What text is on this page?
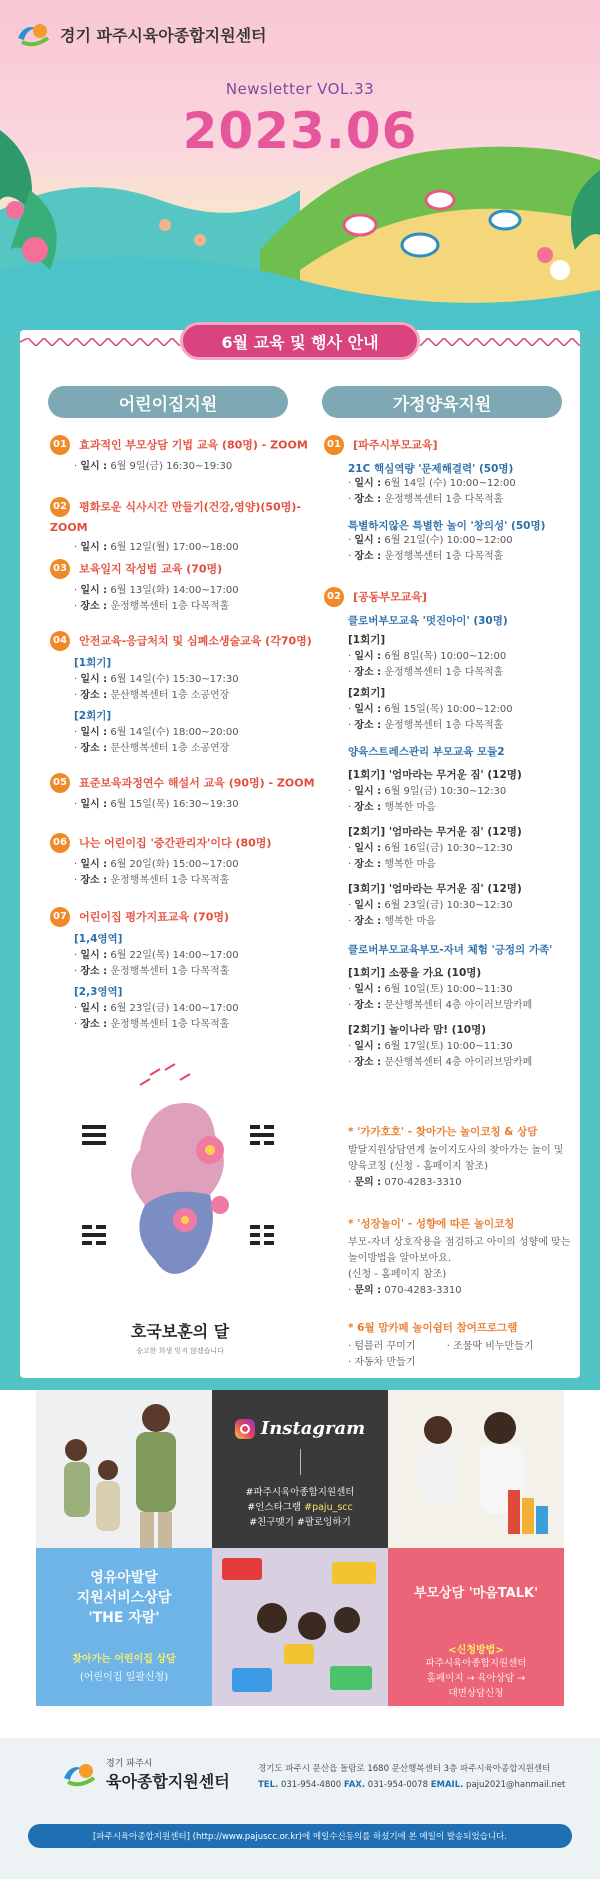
경기 파주시육아종합지원센터
Newsletter VOL.33
2023.06
6월 교육 및 행사 안내
어린이집지원	가정양육지원
01 효과적인 부모상담 기법 교육 (80명) - ZOOM
· 일시 : 6월 9일(금) 16:30~19:30
02 평화로운 식사시간 만들기(건강,영양)(50명)- ZOOM
· 일시 : 6월 12일(월) 17:00~18:00
03 보육일지 작성법 교육 (70명)
· 일시 : 6월 13일(화) 14:00~17:00
· 장소 : 운정행복센터 1층 다목적홀
04 안전교육-응급처치 및 심폐소생술교육 (각70명)
[1회기]
· 일시 : 6월 14일(수) 15:30~17:30
· 장소 : 문산행복센터 1층 소공연장
[2회기]
· 일시 : 6월 14일(수) 18:00~20:00
· 장소 : 문산행복센터 1층 소공연장
05 표준보육과정연수 해설서 교육 (90명) - ZOOM
· 일시 : 6월 15일(목) 16:30~19:30
06 나는 어린이집 '중간관리자'이다 (80명)
· 일시 : 6월 20일(화) 15:00~17:00
· 장소 : 운정행복센터 1층 다목적홀
07 어린이집 평가지표교육 (70명)
[1,4영역]
· 일시 : 6월 22일(목) 14:00~17:00
· 장소 : 운정행복센터 1층 다목적홀
[2,3영역]
· 일시 : 6월 23일(금) 14:00~17:00
· 장소 : 운정행복센터 1층 다목적홀
호국보훈의 달
숭고한 희생 잊지 않겠습니다
01 [파주시부모교육]
21C 핵심역량 '문제해결력' (50명)
· 일시 : 6월 14일 (수) 10:00~12:00
· 장소 : 운정행복센터 1층 다목적홀
특별하지않은 특별한 놀이 '창의성' (50명)
· 일시 : 6월 21일(수) 10:00~12:00
· 장소 : 운정행복센터 1층 다목적홀
02 [공동부모교육]
클로버부모교육 '멋진아이' (30명)
[1회기]
· 일시 : 6월 8일(목) 10:00~12:00
· 장소 : 운정행복센터 1층 다목적홀
[2회기]
· 일시 : 6월 15일(목) 10:00~12:00
· 장소 : 운정행복센터 1층 다목적홀
양육스트레스관리 부모교육 모듈2
[1회기] '엄마라는 무거운 짐' (12명)
· 일시 : 6월 9일(금) 10:30~12:30
· 장소 : 행복한 마음
[2회기] '엄마라는 무거운 짐' (12명)
· 일시 : 6월 16일(금) 10:30~12:30
· 장소 : 행복한 마음
[3회기] '엄마라는 무거운 짐' (12명)
· 일시 : 6월 23일(금) 10:30~12:30
· 장소 : 행복한 마음
클로버부모교육부모-자녀 체험 '긍정의 가족'
[1회기] 소풍을 가요 (10명)
· 일시 : 6월 10일(토) 10:00~11:30
· 장소 : 문산행복센터 4층 아이러브맘카페
[2회기] 놀이나라 맘! (10명)
· 일시 : 6월 17일(토) 10:00~11:30
· 장소 : 문산행복센터 4층 아이러브맘카페
* '가가호호' - 찾아가는 놀이코칭 & 상담
발달지원상담연계 놀이지도사의 찾아가는 놀이 및
양육코칭 (신청 - 홈페이지 참조)
· 문의 : 070-4283-3310
* '성장놀이' - 성향에 따른 놀이코칭
부모-자녀 상호작용을 점검하고 아이의 성향에 맞는
놀이방법을 알아보아요.
(신청 - 홈페이지 참조)
· 문의 : 070-4283-3310
* 6월 맘카페 놀이쉼터 참여프로그램
· 텀블러 꾸미기	· 조물딱 비누만들기
· 자동차 만들기
Instagram
#파주시육아종합지원센터
#인스타그램 #paju_scc
#친구맺기 #팔로잉하기
영유아발달
지원서비스상담
'THE 자람'
찾아가는 어린이집 상담
(어린이집 일괄신청)
부모상담 '마음TALK'
<신청방법>
파주시육아종합지원센터
홈페이지 → 육아상담 →
대면상담신청
경기 파주시
육아종합지원센터
경기도 파주시 문산읍 돌람로 1680 문산행복센터 3층 파주시육아종합지원센터
TEL. 031-954-4800 FAX. 031-954-0078 EMAIL. paju2021@hanmail.net
[파주시육아종합지원센터] (http://www.pajuscc.or.kr)에 메일수신동의를 하셨기에 본 메일이 발송되었습니다.
